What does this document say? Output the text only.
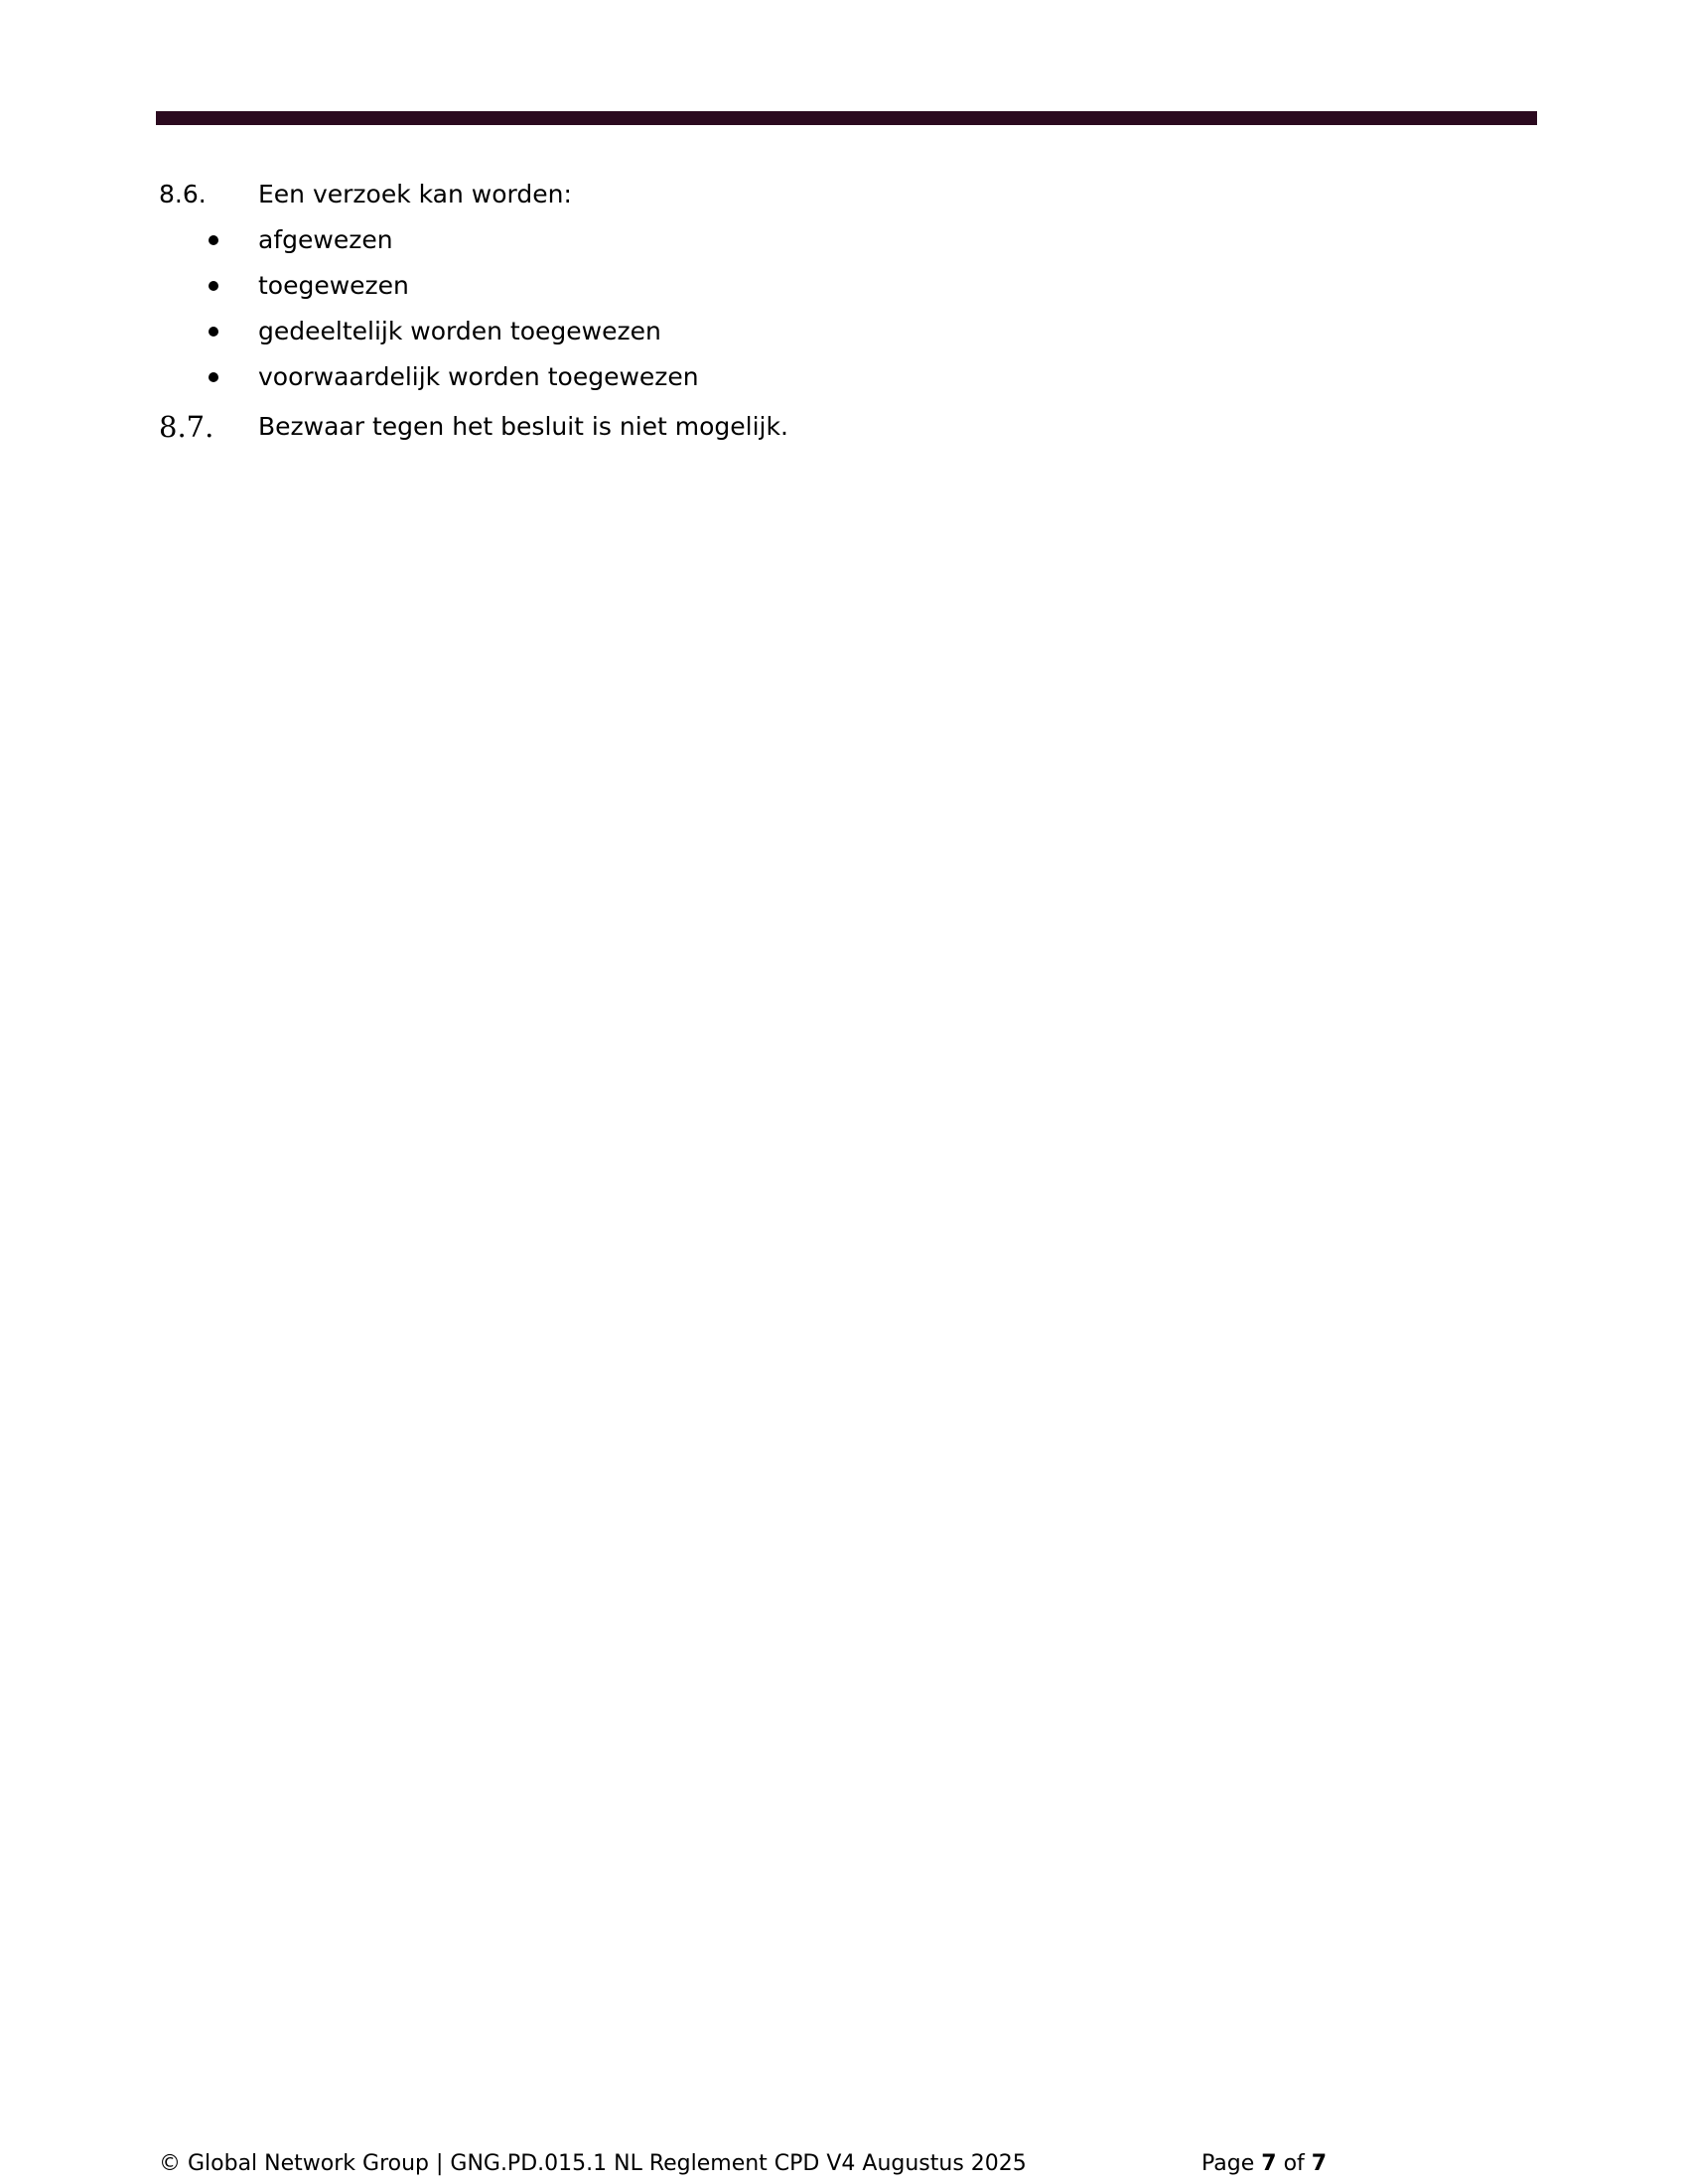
8.6. Een verzoek kan worden:
afgewezen
toegewezen
gedeeltelijk worden toegewezen
voorwaardelijk worden toegewezen
8.7. Bezwaar tegen het besluit is niet mogelijk.
© Global Network Group | GNG.PD.015.1 NL Reglement CPD V4 Augustus 2025	Page 7 of 7
